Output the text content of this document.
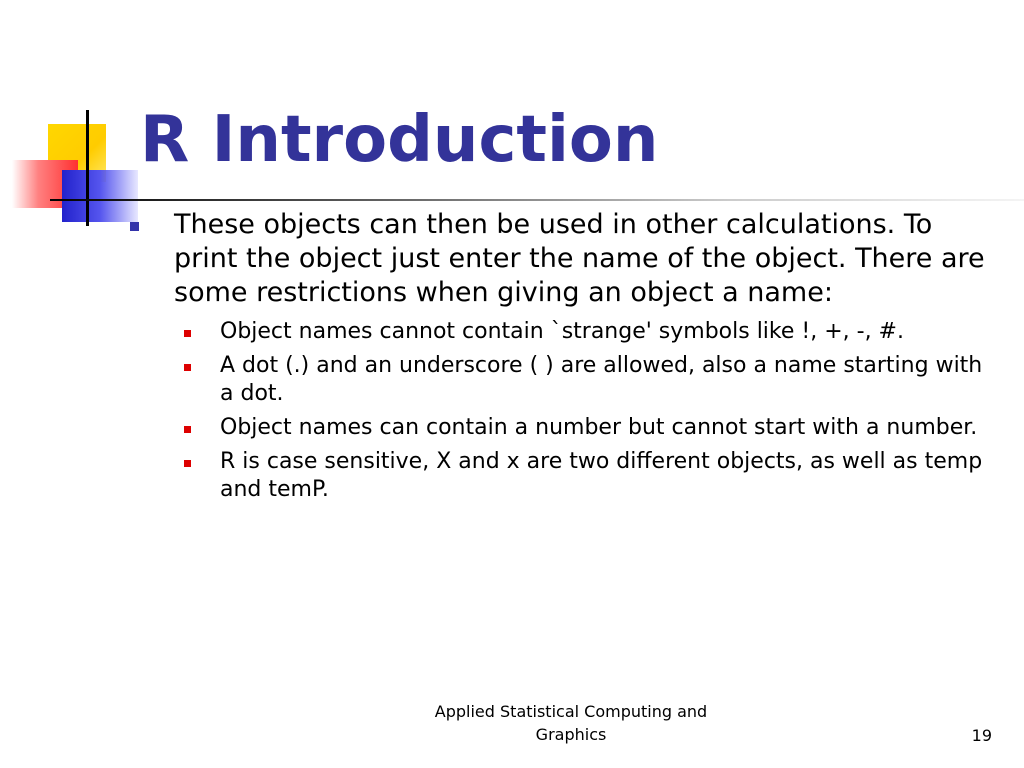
R Introduction
These objects can then be used in other calculations. To print the object just enter the name of the object. There are some restrictions when giving an object a name:
Object names cannot contain `strange' symbols like !, +, -, #.
A dot (.) and an underscore ( ) are allowed, also a name starting with a dot.
Object names can contain a number but cannot start with a number.
R is case sensitive, X and x are two different objects, as well as temp and temP.
Applied Statistical Computing and Graphics	19
